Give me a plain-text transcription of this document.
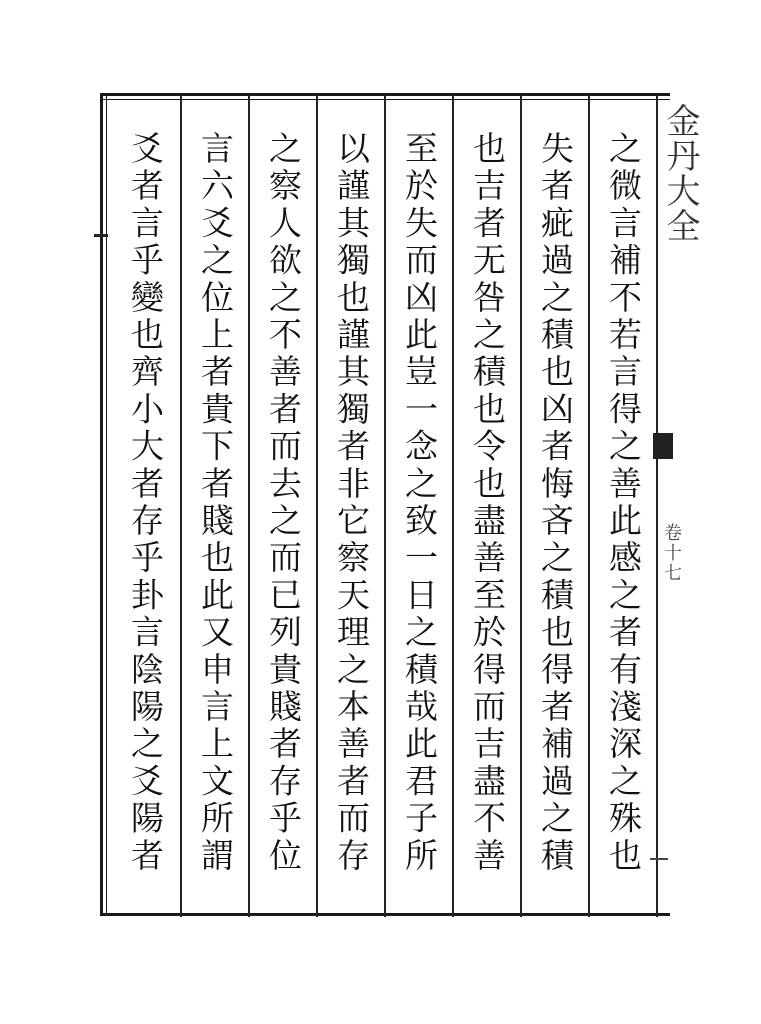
之微言補不若言得之善此感之者有淺深之殊也
失者疵過之積也凶者悔吝之積也得者補過之積
也吉者无咎之積也令也盡善至於得而吉盡不善
至於失而凶此豈一念之致一日之積哉此君子所
以謹其獨也謹其獨者非它察天理之本善者而存
之察人欲之不善者而去之而已列貴賤者存乎位
言六爻之位上者貴下者賤也此又申言上文所謂
爻者言乎變也齊小大者存乎卦言陰陽之爻陽者	金丹大全
卷十七
